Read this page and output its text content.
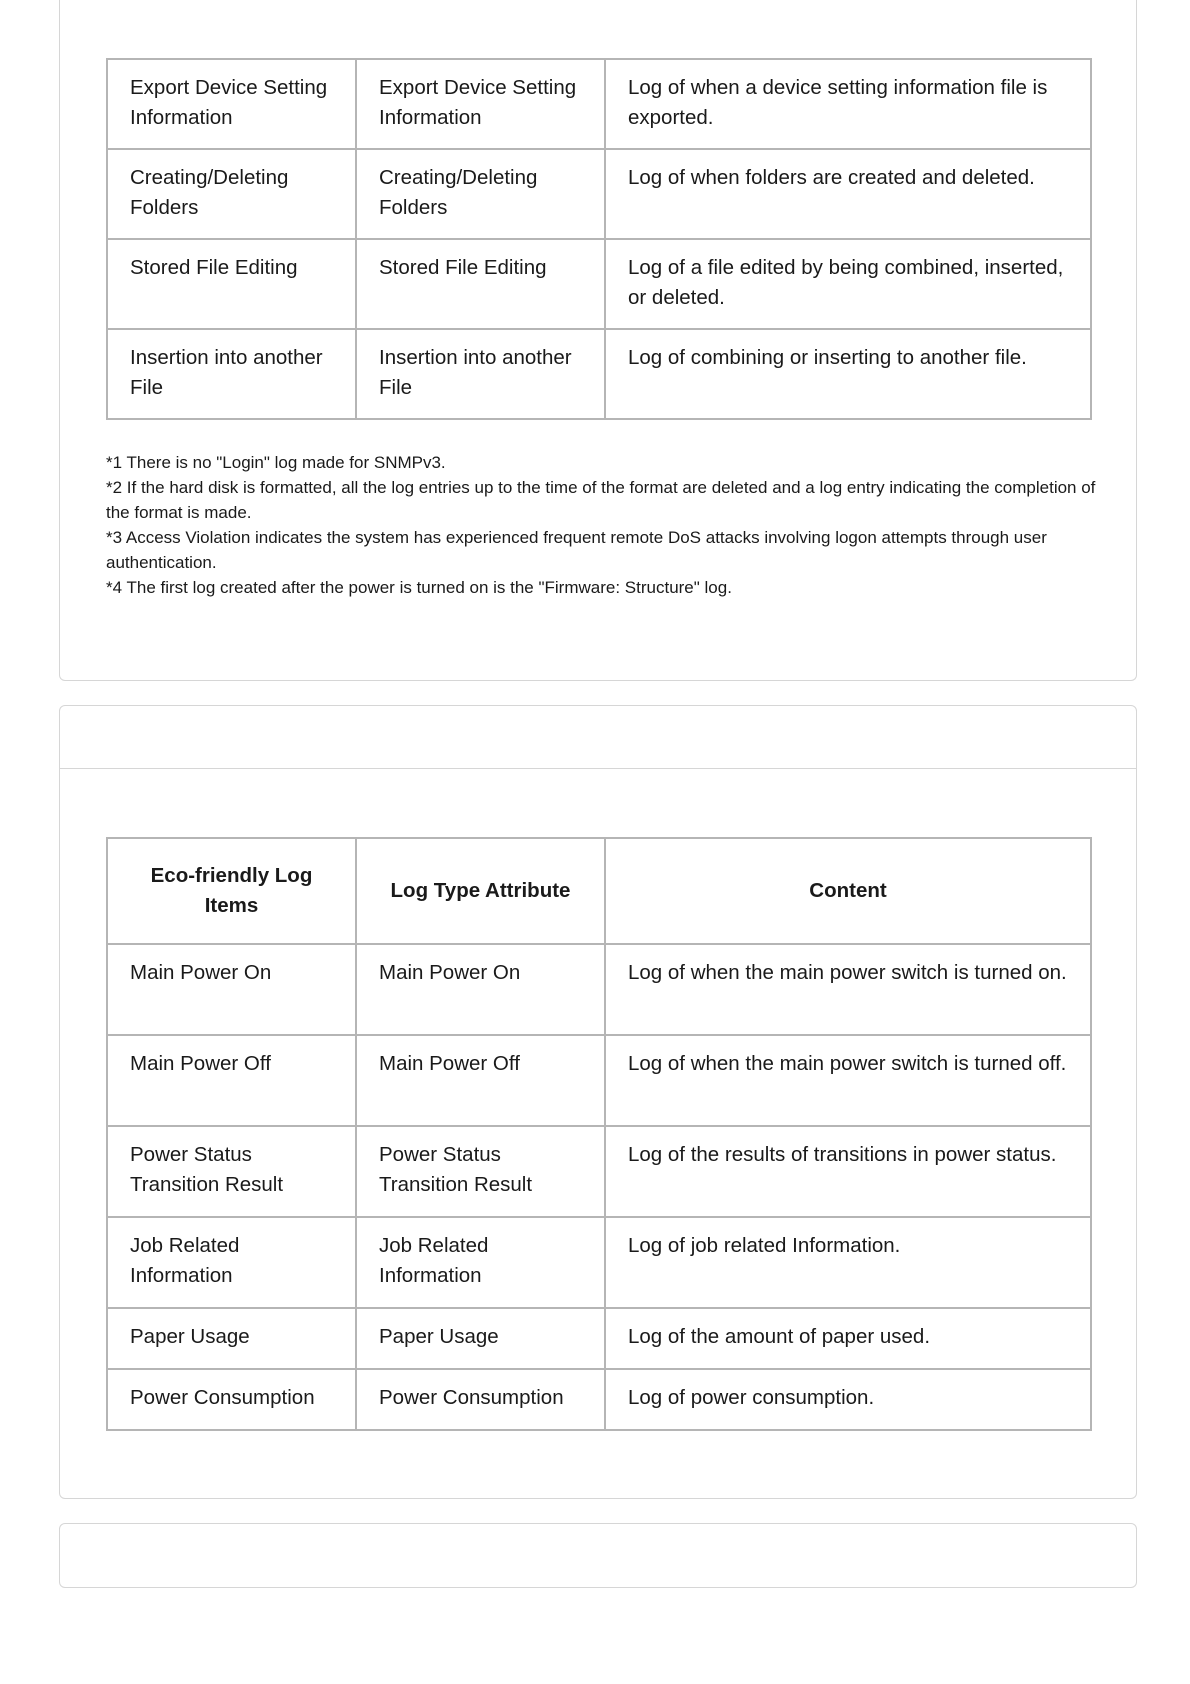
Export Device Setting Information	Export Device Setting Information	Log of when a device setting information file is exported.
Creating/Deleting Folders	Creating/Deleting Folders	Log of when folders are created and deleted.
Stored File Editing	Stored File Editing	Log of a file edited by being combined, inserted, or deleted.
Insertion into another File	Insertion into another File	Log of combining or inserting to another file.

*1 There is no "Login" log made for SNMPv3.

*2 If the hard disk is formatted, all the log entries up to the time of the format are deleted and a log entry indicating the completion of the format is made.

*3 Access Violation indicates the system has experienced frequent remote DoS attacks involving logon attempts through user authentication.

*4 The first log created after the power is turned on is the "Firmware: Structure" log.

Eco-friendly Log Items	Log Type Attribute	Content
Main Power On	Main Power On	Log of when the main power switch is turned on.
Main Power Off	Main Power Off	Log of when the main power switch is turned off.
Power Status Transition Result	Power Status Transition Result	Log of the results of transitions in power status.
Job Related Information	Job Related Information	Log of job related Information.
Paper Usage	Paper Usage	Log of the amount of paper used.
Power Consumption	Power Consumption	Log of power consumption.
